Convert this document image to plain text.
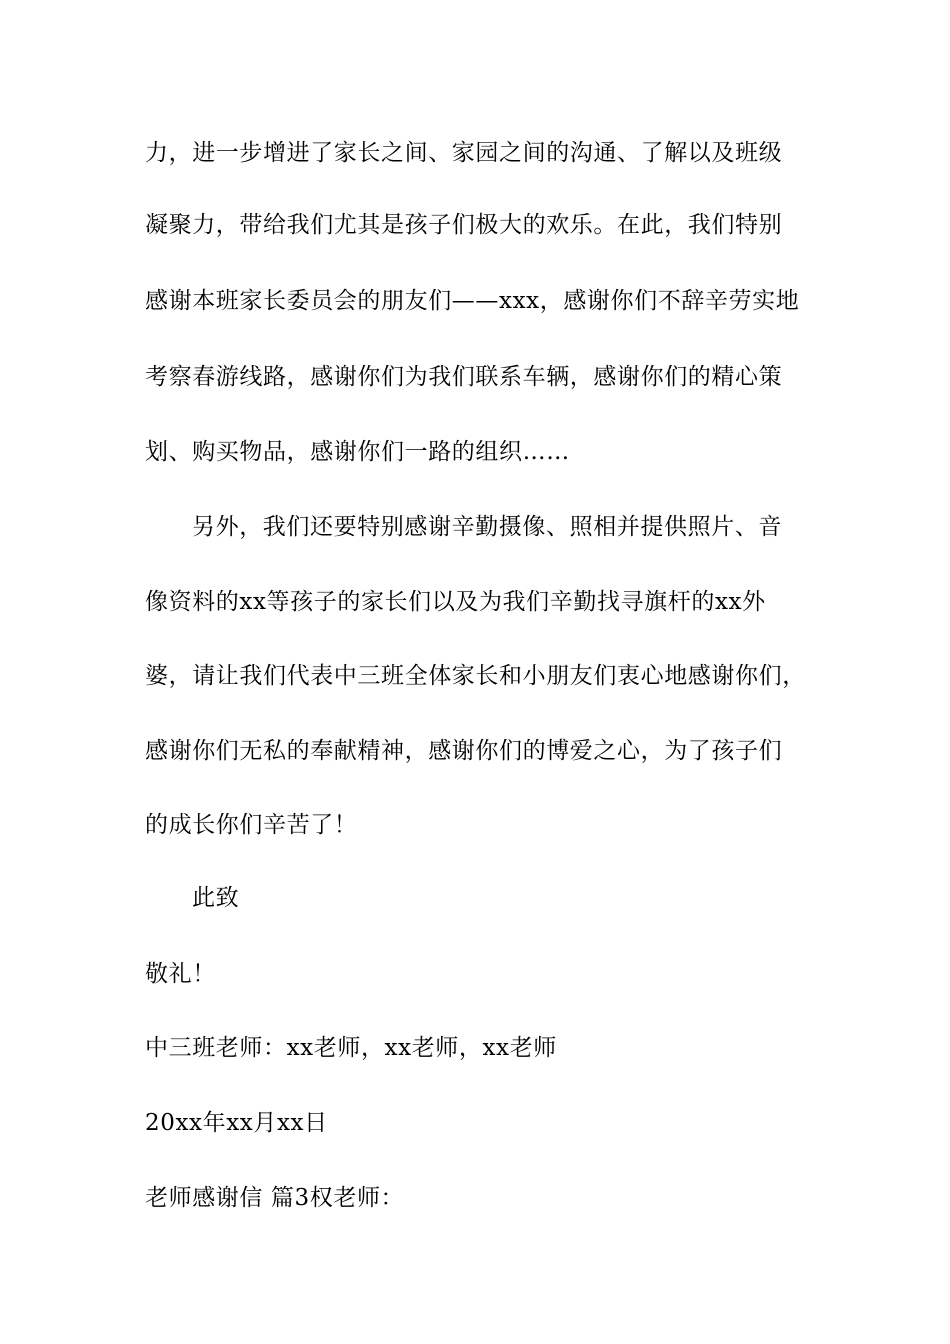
力，进一步增进了家长之间、家园之间的沟通、了解以及班级
凝聚力，带给我们尤其是孩子们极大的欢乐。在此，我们特别
感谢本班家长委员会的朋友们——xxx，感谢你们不辞辛劳实地
考察春游线路，感谢你们为我们联系车辆，感谢你们的精心策
划、购买物品，感谢你们一路的组织……
另外，我们还要特别感谢辛勤摄像、照相并提供照片、音
像资料的xx等孩子的家长们以及为我们辛勤找寻旗杆的xx外
婆，请让我们代表中三班全体家长和小朋友们衷心地感谢你们，
感谢你们无私的奉献精神，感谢你们的博爱之心，为了孩子们
的成长你们辛苦了！
此致
敬礼！
中三班老师：xx老师，xx老师，xx老师
20xx年xx月xx日
老师感谢信 篇3权老师：
